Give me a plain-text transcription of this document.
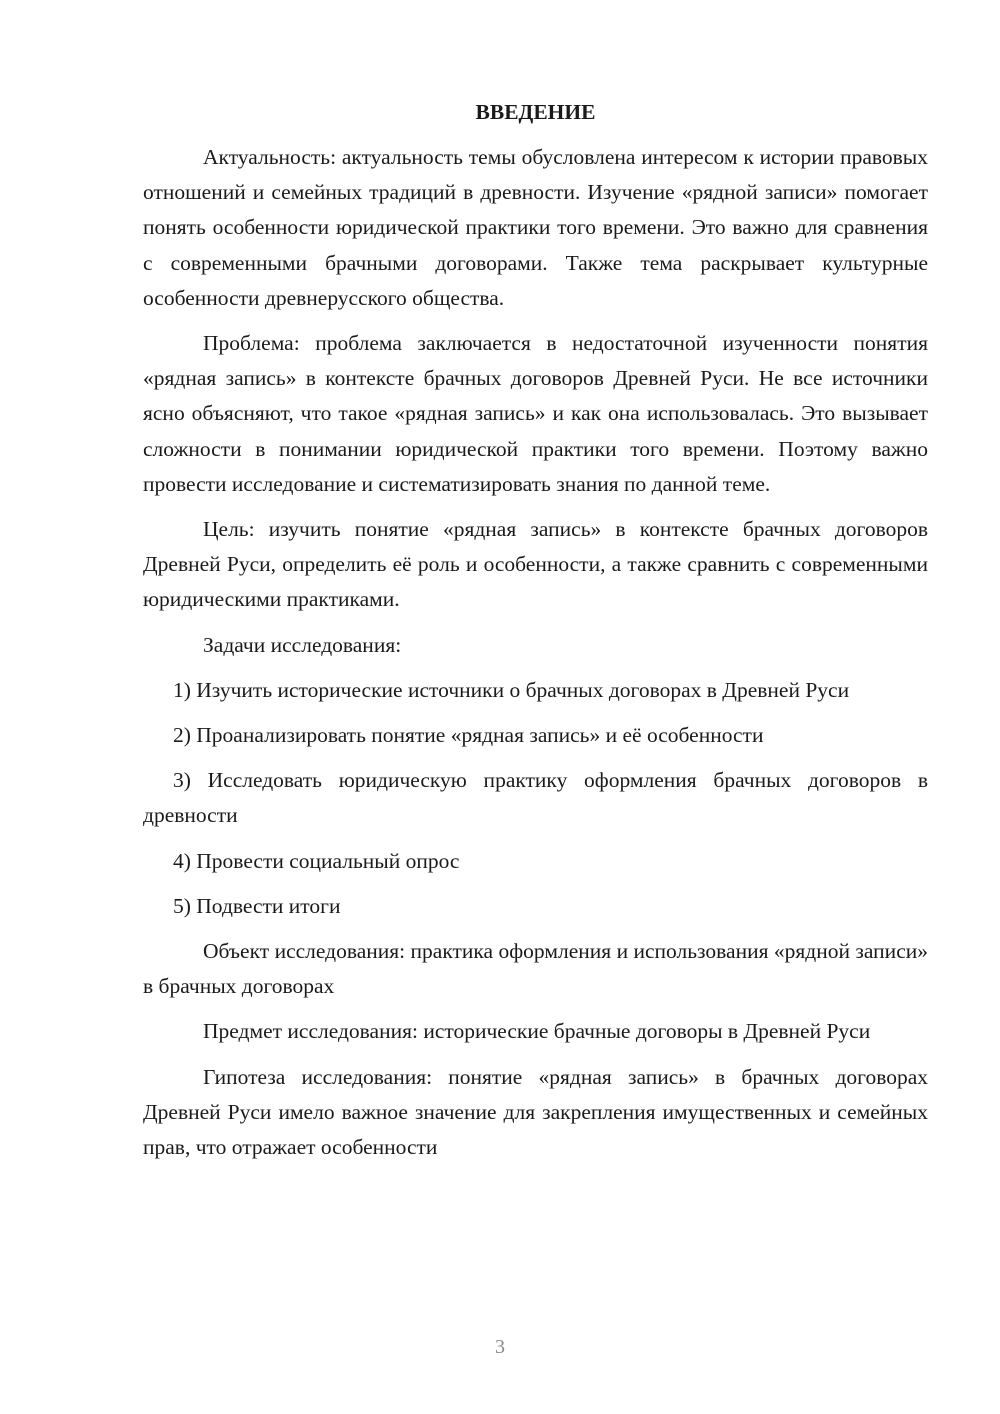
ВВЕДЕНИЕ

Актуальность: актуальность темы обусловлена интересом к истории правовых отношений и семейных традиций в древности. Изучение «рядной записи» помогает понять особенности юридической практики того времени. Это важно для сравнения с современными брачными договорами. Также тема раскрывает культурные особенности древнерусского общества.

Проблема: проблема заключается в недостаточной изученности понятия «рядная запись» в контексте брачных договоров Древней Руси. Не все источники ясно объясняют, что такое «рядная запись» и как она использовалась. Это вызывает сложности в понимании юридической практики того времени. Поэтому важно провести исследование и систематизировать знания по данной теме.

Цель: изучить понятие «рядная запись» в контексте брачных договоров Древней Руси, определить её роль и особенности, а также сравнить с современными юридическими практиками.

Задачи исследования:

1) Изучить исторические источники о брачных договорах в Древней Руси

2) Проанализировать понятие «рядная запись» и её особенности

3) Исследовать юридическую практику оформления брачных договоров в древности

4) Провести социальный опрос

5) Подвести итоги

Объект исследования: практика оформления и использования «рядной записи» в брачных договорах

Предмет исследования: исторические брачные договоры в Древней Руси

Гипотеза исследования: понятие «рядная запись» в брачных договорах Древней Руси имело важное значение для закрепления имущественных и семейных прав, что отражает особенности

3
